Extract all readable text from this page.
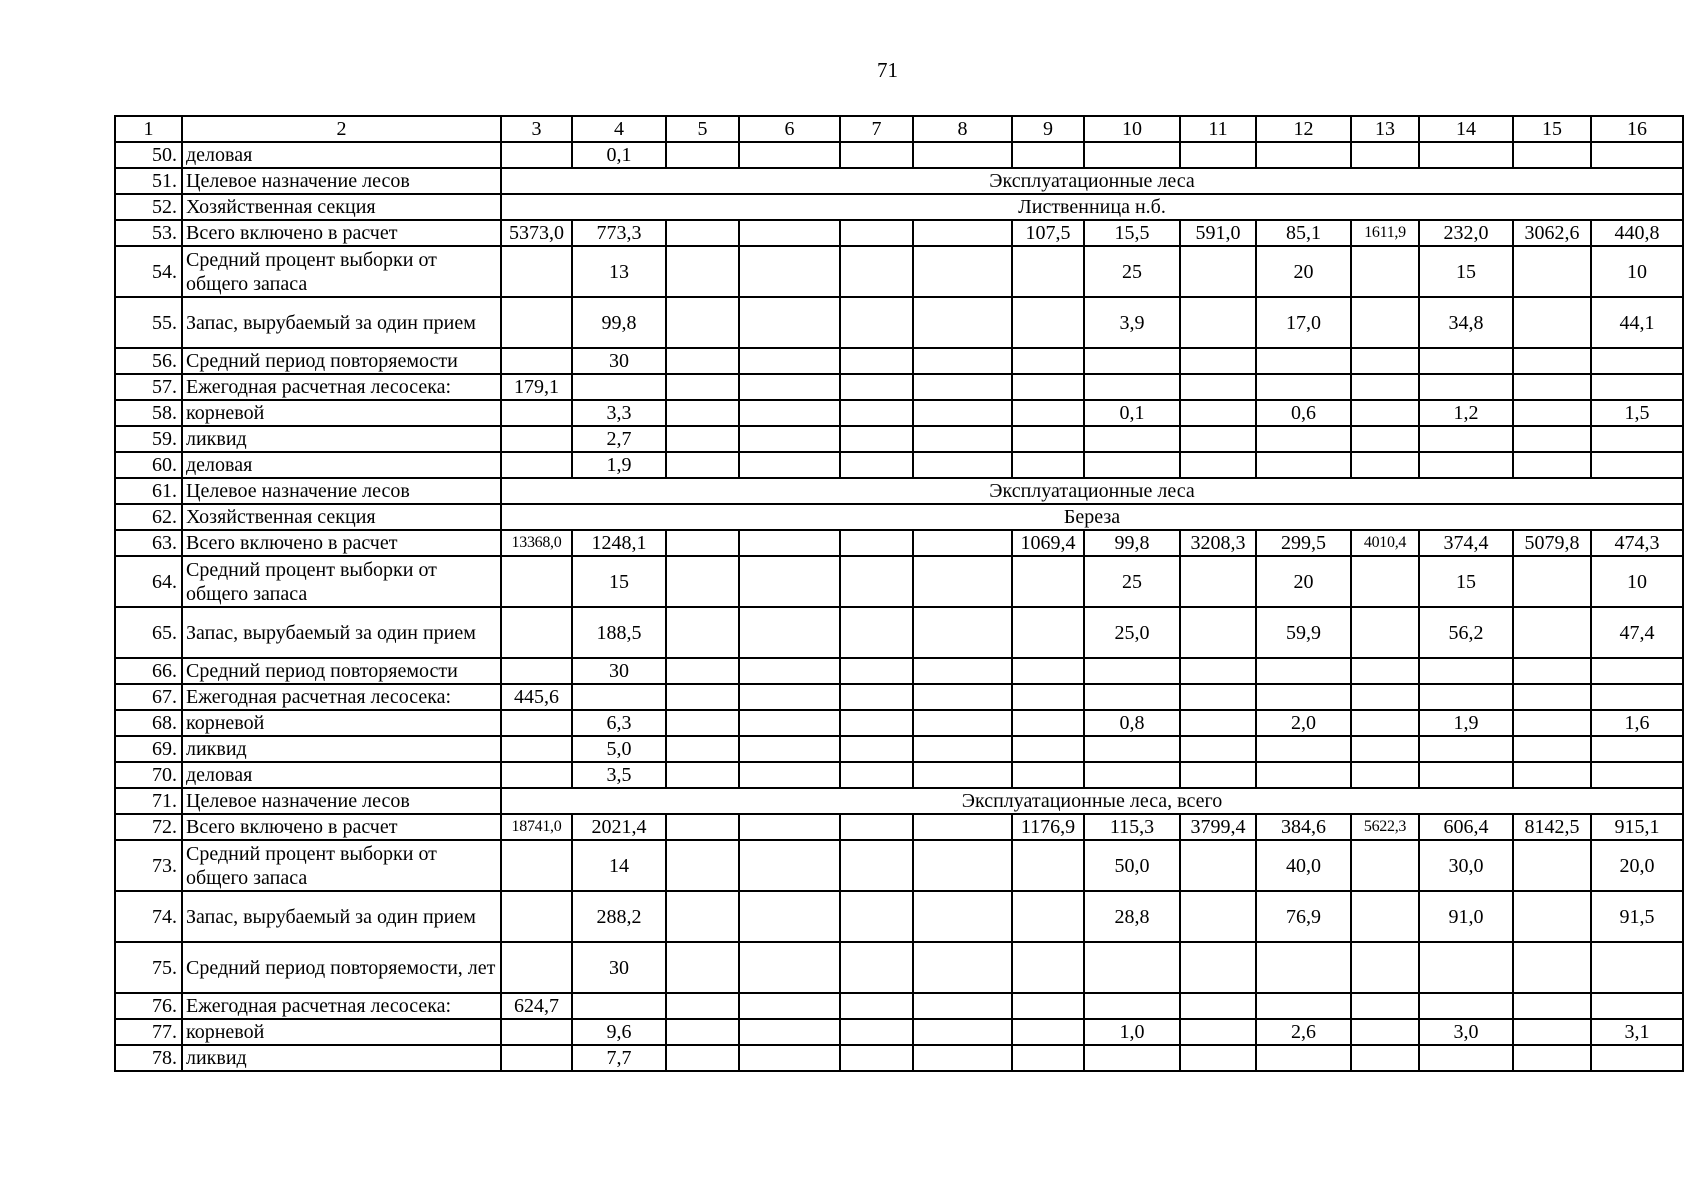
71
1	2	3	4	5	6	7	8	9	10	11	12	13	14	15	16
50.	деловая		0,1												
51.	Целевое назначение лесов	Эксплуатационные леса													
52.	Хозяйственная секция	Лиственница н.б.													
53.	Всего включено в расчет	5373,0	773,3					107,5	15,5	591,0	85,1	1611,9	232,0	3062,6	440,8
54.	Средний процент выборки от общего запаса		13						25		20		15		10
55.	Запас, вырубаемый за один прием		99,8						3,9		17,0		34,8		44,1
56.	Средний период повторяемости		30												
57.	Ежегодная расчетная лесосека:	179,1													
58.	корневой		3,3						0,1		0,6		1,2		1,5
59.	ликвид		2,7												
60.	деловая		1,9												
61.	Целевое назначение лесов	Эксплуатационные леса													
62.	Хозяйственная секция	Береза													
63.	Всего включено в расчет	13368,0	1248,1					1069,4	99,8	3208,3	299,5	4010,4	374,4	5079,8	474,3
64.	Средний процент выборки от общего запаса		15						25		20		15		10
65.	Запас, вырубаемый за один прием		188,5						25,0		59,9		56,2		47,4
66.	Средний период повторяемости		30												
67.	Ежегодная расчетная лесосека:	445,6													
68.	корневой		6,3						0,8		2,0		1,9		1,6
69.	ликвид		5,0												
70.	деловая		3,5												
71.	Целевое назначение лесов	Эксплуатационные леса, всего													
72.	Всего включено в расчет	18741,0	2021,4					1176,9	115,3	3799,4	384,6	5622,3	606,4	8142,5	915,1
73.	Средний процент выборки от общего запаса		14						50,0		40,0		30,0		20,0
74.	Запас, вырубаемый за один прием		288,2						28,8		76,9		91,0		91,5
75.	Средний период повторяемости, лет		30												
76.	Ежегодная расчетная лесосека:	624,7													
77.	корневой		9,6						1,0		2,6		3,0		3,1
78.	ликвид		7,7												
